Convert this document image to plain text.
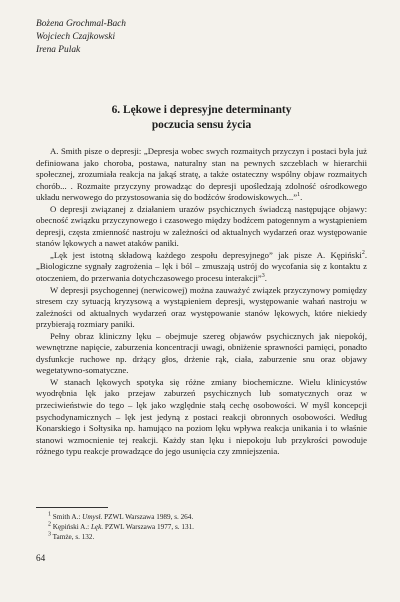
Bożena Grochmal-Bach
Wojciech Czajkowski
Irena Pulak
6. Lękowe i depresyjne determinanty
poczucia sensu życia

A. Smith pisze o depresji: „Depresja wobec swych rozmaitych przyczyn i postaci była już definiowana jako choroba, postawa, naturalny stan na pewnych szczeblach w hierarchii społecznej, zrozumiała reakcja na jakąś stratę, a także ostateczny wspólny objaw rozmaitych chorób... . Rozmaite przyczyny prowadząc do depresji upośledzają zdolność ośrodkowego układu nerwowego do przystosowania się do bodźców środowiskowych...”$^1$.

O depresji związanej z działaniem urazów psychicznych świadczą następujące objawy: obecność związku przyczynowego i czasowego między bodźcem patogennym a wystąpieniem depresji, częsta zmienność nastroju w zależności od aktualnych wydarzeń oraz występowanie stanów lękowych a nawet ataków paniki.

„Lęk jest istotną składową każdego zespołu depresyjnego” jak pisze A. Kępiński$^2$. „Biologiczne sygnały zagrożenia – lęk i ból – zmuszają ustrój do wycofania się z kontaktu z otoczeniem, do przerwania dotychczasowego procesu interakcji”$^3$.

W depresji psychogennej (nerwicowej) można zauważyć związek przyczynowy pomiędzy stresem czy sytuacją kryzysową a wystąpieniem depresji, występowanie wahań nastroju w zależności od aktualnych wydarzeń oraz występowanie stanów lękowych, które niekiedy przybierają rozmiary paniki.

Pełny obraz kliniczny lęku – obejmuje szereg objawów psychicznych jak niepokój, wewnętrzne napięcie, zaburzenia koncentracji uwagi, obniżenie sprawności pamięci, ponadto dysfunkcje ruchowe np. drżący głos, drżenie rąk, ciała, zaburzenie snu oraz objawy wegetatywno-somatyczne.

W stanach lękowych spotyka się różne zmiany biochemiczne. Wielu klinicystów wyodrębnia lęk jako przejaw zaburzeń psychicznych lub somatycznych oraz w przeciwieństwie do tego – lęk jako względnie stałą cechę osobowości. W myśl koncepcji psychodynamicznych – lęk jest jedyną z postaci reakcji obronnych osobowości. Według Konarskiego i Sołtysika np. hamująco na poziom lęku wpływa reakcja unikania i to właśnie stanowi wzmocnienie tej reakcji. Każdy stan lęku i niepokoju lub przykrości powoduje różnego typu reakcje prowadzące do jego usunięcia czy zmniejszenia.

$^1$ Smith A.: Umysł. PZWL Warszawa 1989, s. 264.
$^2$ Kępiński A.: Lęk. PZWL Warszawa 1977, s. 131.
$^3$ Tamże, s. 132.
64
